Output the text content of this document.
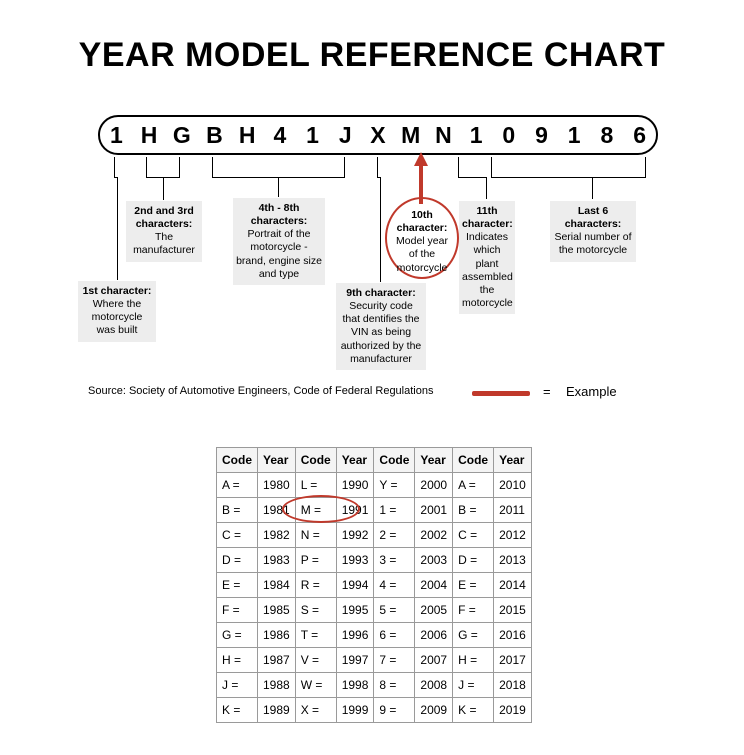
YEAR MODEL REFERENCE CHART
1 H G B H 4 1 J X M N 1 0 9 1 8 6
1st character:
Where the motorcycle was built
2nd and 3rd characters:
The manufacturer
4th - 8th characters:
Portrait of the motorcycle - brand, engine size and type
9th character: Security code that dentifies the VIN as being authorized by the manufacturer
10th character:
Model year of the motorcycle
11th character:
Indicates which plant assembled the motorcycle
Last 6 characters:
Serial number of the motorcycle
Source: Society of Automotive Engineers, Code of Federal Regulations	= Example
Code	Year	Code	Year	Code	Year	Code	Year
A =	1980	L =	1990	Y =	2000	A =	2010
B =	1981	M =	1991	1 =	2001	B =	2011
C =	1982	N =	1992	2 =	2002	C =	2012
D =	1983	P =	1993	3 =	2003	D =	2013
E =	1984	R =	1994	4 =	2004	E =	2014
F =	1985	S =	1995	5 =	2005	F =	2015
G =	1986	T =	1996	6 =	2006	G =	2016
H =	1987	V =	1997	7 =	2007	H =	2017
J =	1988	W =	1998	8 =	2008	J =	2018
K =	1989	X =	1999	9 =	2009	K =	2019
